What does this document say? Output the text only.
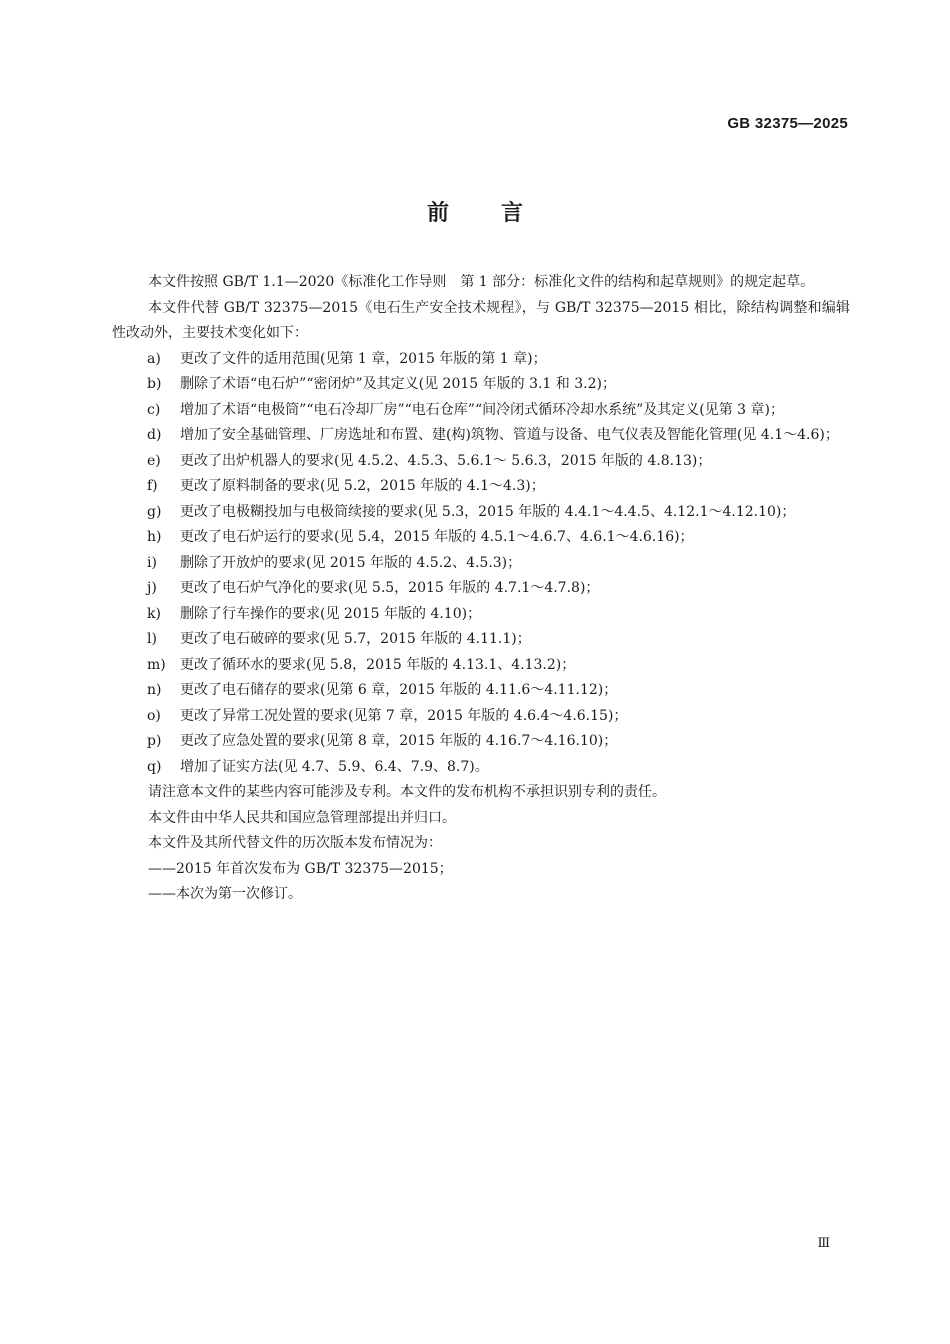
GB 32375—2025
前 言

本文件按照 GB/T 1.1—2020《标准化工作导则　第 1 部分：标准化文件的结构和起草规则》的规定起草。

本文件代替 GB/T 32375—2015《电石生产安全技术规程》，与 GB/T 32375—2015 相比，除结构调整和编辑性改动外，主要技术变化如下：

a) 更改了文件的适用范围(见第 1 章，2015 年版的第 1 章)；
b) 删除了术语“电石炉”“密闭炉”及其定义(见 2015 年版的 3.1 和 3.2)；
c) 增加了术语“电极筒”“电石冷却厂房”“电石仓库”“间冷闭式循环冷却水系统”及其定义(见第 3 章)；
d) 增加了安全基础管理、厂房选址和布置、建(构)筑物、管道与设备、电气仪表及智能化管理(见 4.1～4.6)；
e) 更改了出炉机器人的要求(见 4.5.2、4.5.3、5.6.1～ 5.6.3，2015 年版的 4.8.13)；
f) 更改了原料制备的要求(见 5.2，2015 年版的 4.1～4.3)；
g) 更改了电极糊投加与电极筒续接的要求(见 5.3，2015 年版的 4.4.1～4.4.5、4.12.1～4.12.10)；
h) 更改了电石炉运行的要求(见 5.4，2015 年版的 4.5.1～4.6.7、4.6.1～4.6.16)；
i) 删除了开放炉的要求(见 2015 年版的 4.5.2、4.5.3)；
j) 更改了电石炉气净化的要求(见 5.5，2015 年版的 4.7.1～4.7.8)；
k) 删除了行车操作的要求(见 2015 年版的 4.10)；
l) 更改了电石破碎的要求(见 5.7，2015 年版的 4.11.1)；
m) 更改了循环水的要求(见 5.8，2015 年版的 4.13.1、4.13.2)；
n) 更改了电石储存的要求(见第 6 章，2015 年版的 4.11.6～4.11.12)；
o) 更改了异常工况处置的要求(见第 7 章，2015 年版的 4.6.4～4.6.15)；
p) 更改了应急处置的要求(见第 8 章，2015 年版的 4.16.7～4.16.10)；
q) 增加了证实方法(见 4.7、5.9、6.4、7.9、8.7)。

请注意本文件的某些内容可能涉及专利。本文件的发布机构不承担识别专利的责任。

本文件由中华人民共和国应急管理部提出并归口。

本文件及其所代替文件的历次版本发布情况为：

——2015 年首次发布为 GB/T 32375—2015；

——本次为第一次修订。

Ⅲ
